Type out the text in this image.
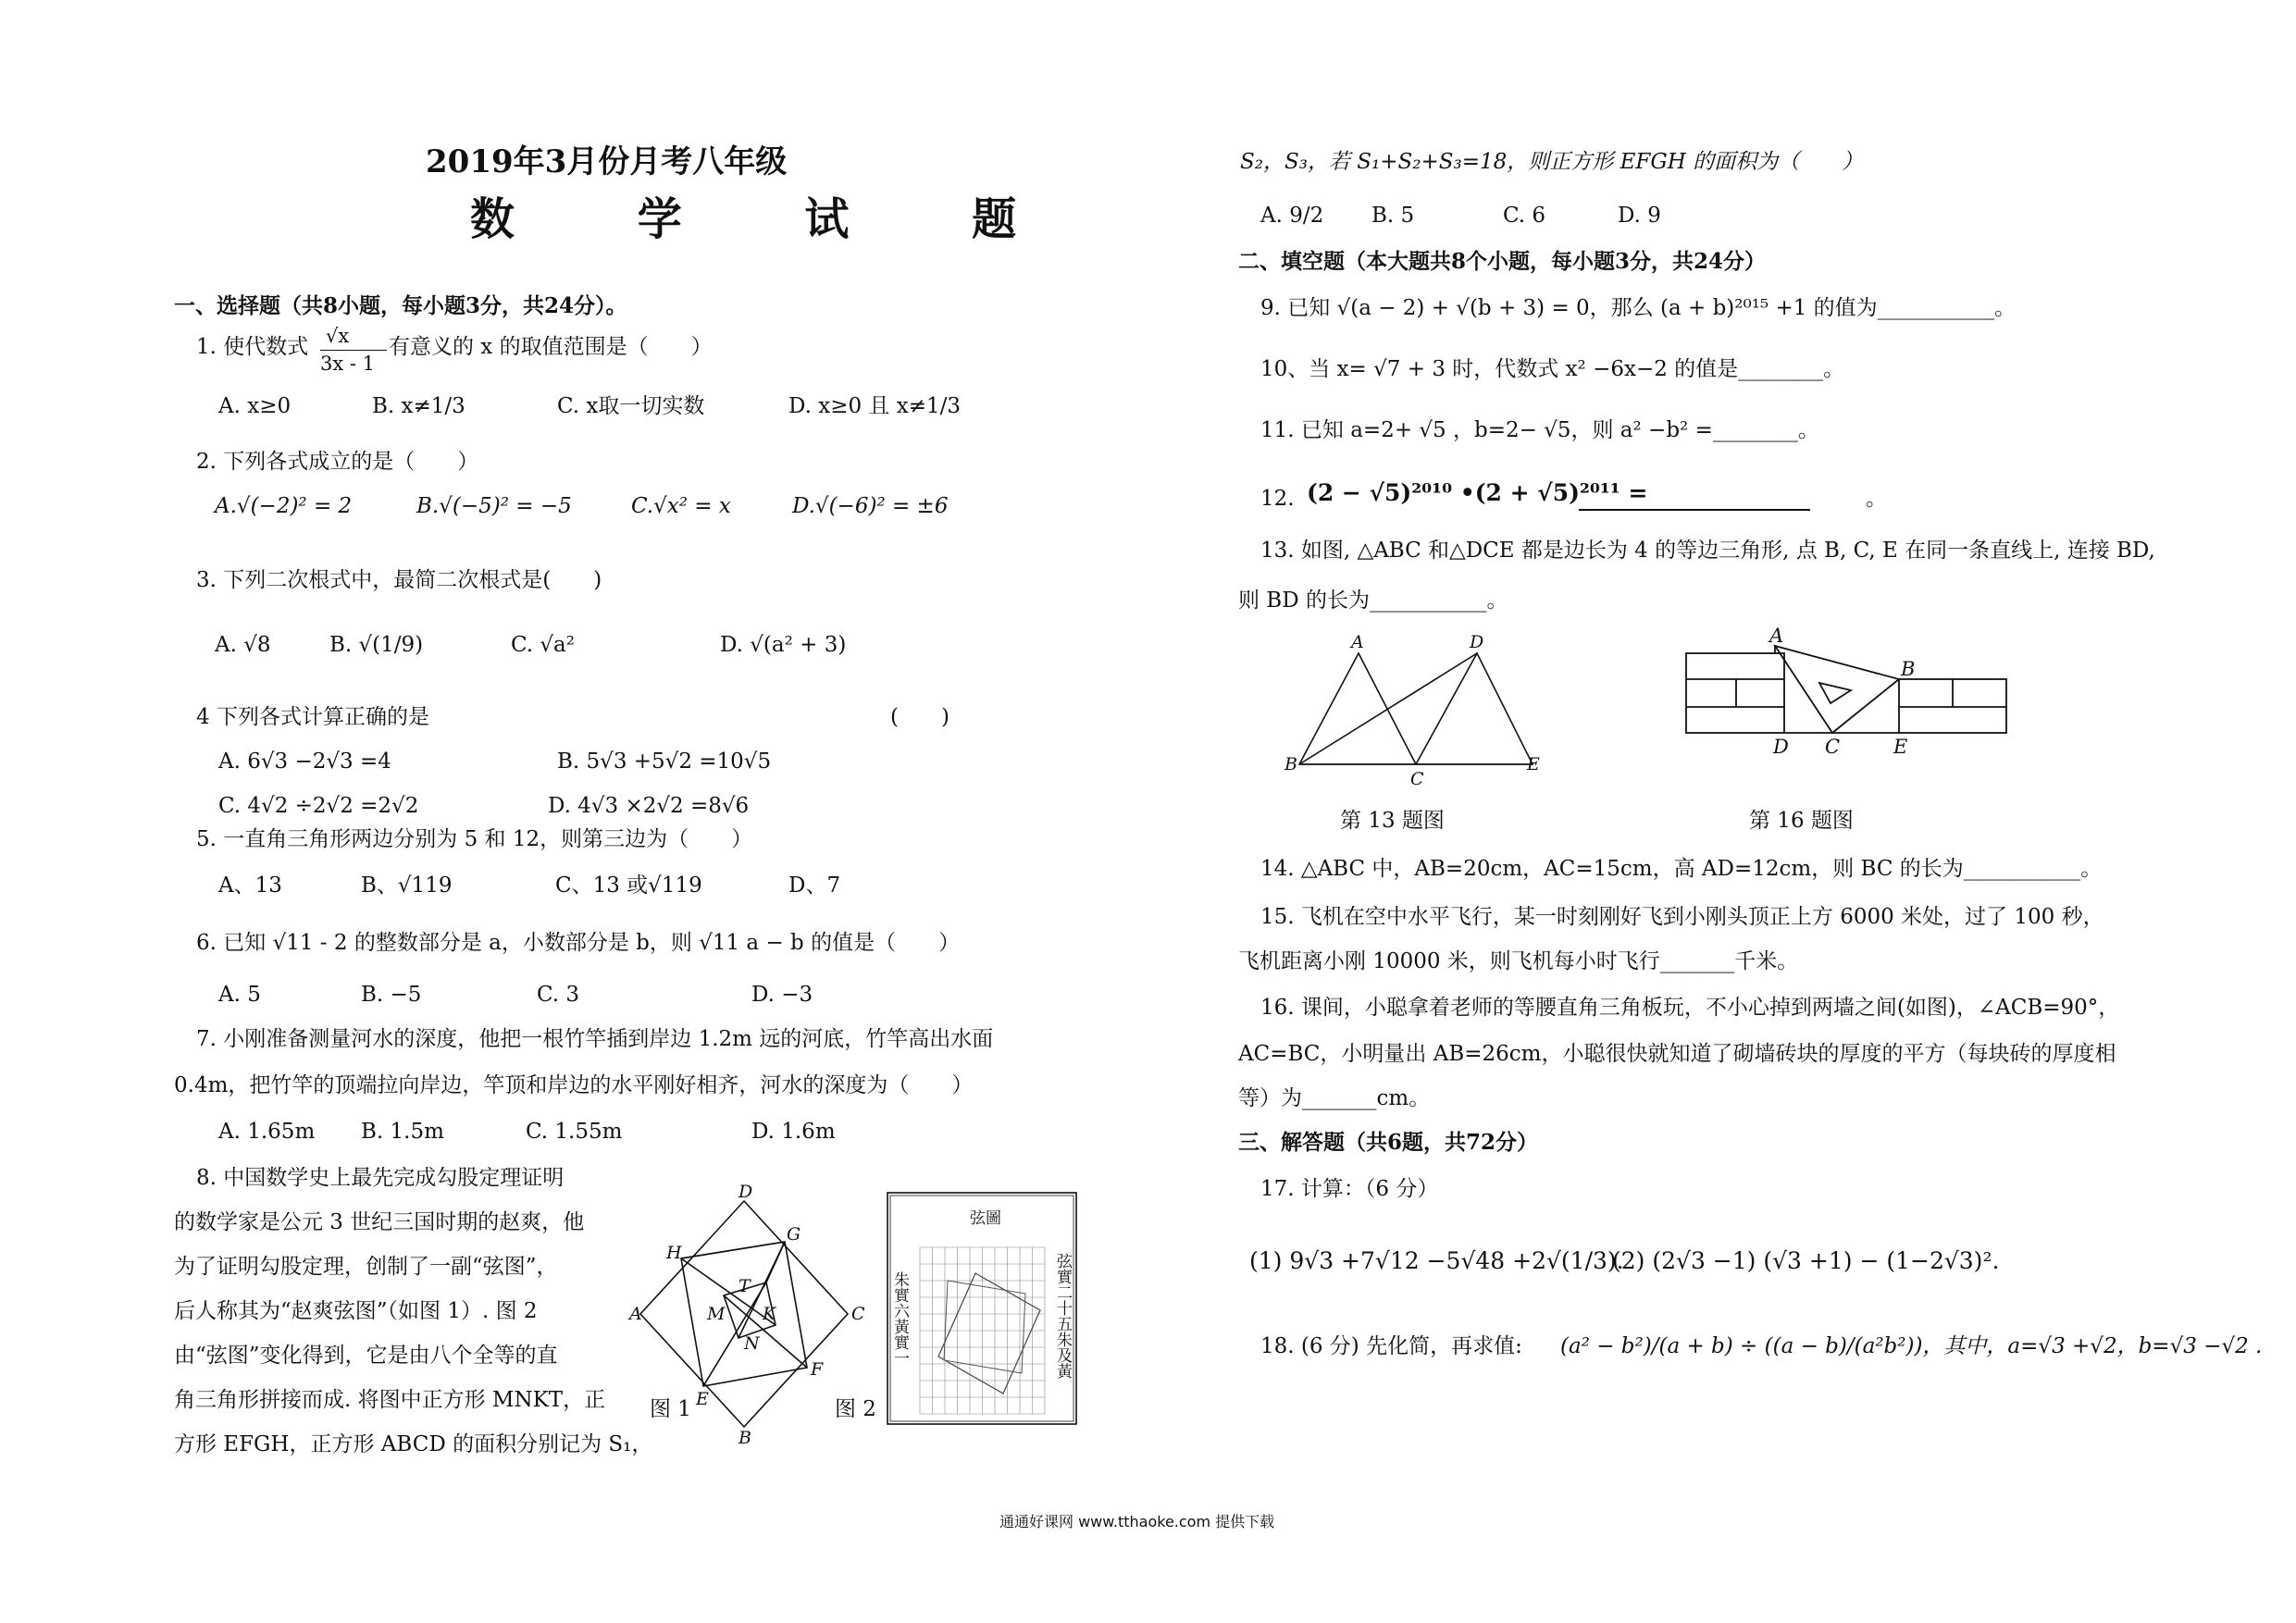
2019年3月份月考八年级
数 学 试 题
一、选择题（共8小题，每小题3分，共24分）。
1. 使代数式 √x
3x - 1
有意义的 x 的取值范围是（　　）
A. x≥0	B. x≠1/3	C. x取一切实数	D. x≥0 且 x≠1/3
2. 下列各式成立的是（　　）
A.√(−2)² = 2	B.√(−5)² = −5	C.√x² = x	D.√(−6)² = ±6
3. 下列二次根式中，最简二次根式是(　　)
A. √8	B. √(1/9)	C. √a²	D. √(a² + 3)
4 下列各式计算正确的是	(　　)
A. 6√3 −2√3 =4	B. 5√3 +5√2 =10√5
C. 4√2 ÷2√2 =2√2	D. 4√3 ×2√2 =8√6
5. 一直角三角形两边分别为 5 和 12，则第三边为（　　）
A、13	B、√119	C、13 或√119	D、7
6. 已知 √11 - 2 的整数部分是 a，小数部分是 b，则 √11 a − b 的值是（　　）
A. 5	B. −5	C. 3	D. −3
7. 小刚准备测量河水的深度，他把一根竹竿插到岸边 1.2m 远的河底，竹竿高出水面
0.4m，把竹竿的顶端拉向岸边，竿顶和岸边的水平刚好相齐，河水的深度为（　　）
A. 1.65m B. 1.5m	C. 1.55m	D. 1.6m
8. 中国数学史上最先完成勾股定理证明
的数学家是公元 3 世纪三国时期的赵爽，他
为了证明勾股定理，创制了一副“弦图”，
后人称其为“赵爽弦图”（如图 1）. 图 2
由“弦图”变化得到，它是由八个全等的直
角三角形拼接而成. 将图中正方形 MNKT，正
方形 EFGH，正方形 ABCD 的面积分别记为 S₁，
D
G
H
T
C
A	M K
N
F
E
B
图 1
弦圖
朱實六黃實一	弦實二十五朱及黃
图 2
S₂，S₃，若 S₁+S₂+S₃=18，则正方形 EFGH 的面积为（　　）
A. 9/2 B. 5	C. 6	D. 9
二、填空题（本大题共8个小题，每小题3分，共24分）
9. 已知 √(a − 2) + √(b + 3) = 0，那么 (a + b)²⁰¹⁵ +1 的值为___________。
10、当 x= √7 + 3 时，代数式 x² −6x−2 的值是________。
11. 已知 a=2+ √5 ，b=2− √5，则 a² −b² =________。
12. (2 − √5)²⁰¹⁰ •(2 + √5)²⁰¹¹ =	。
13. 如图, △ABC 和△DCE 都是边长为 4 的等边三角形, 点 B, C, E 在同一条直线上, 连接 BD,
则 BD 的长为___________。
A	D
B
C
E
第 13 题图
A
B
D C	E
第 16 题图
14. △ABC 中，AB=20cm，AC=15cm，高 AD=12cm，则 BC 的长为___________。
15. 飞机在空中水平飞行，某一时刻刚好飞到小刚头顶正上方 6000 米处，过了 100 秒，
飞机距离小刚 10000 米，则飞机每小时飞行_______千米。
16. 课间，小聪拿着老师的等腰直角三角板玩，不小心掉到两墙之间(如图)，∠ACB=90°，
AC=BC，小明量出 AB=26cm，小聪很快就知道了砌墙砖块的厚度的平方（每块砖的厚度相
等）为_______cm。
三、解答题（共6题，共72分）
17. 计算：（6 分）
(1) 9√3 +7√12 −5√48 +2√(1/3).
(2) (2√3 −1) (√3 +1) − (1−2√3)².
18. (6 分) 先化简，再求值: (a² − b²)/(a + b) ÷ ((a − b)/(a²b²))，其中，a=√3 +√2，b=√3 −√2 .
通通好课网 www.tthaoke.com 提供下载
